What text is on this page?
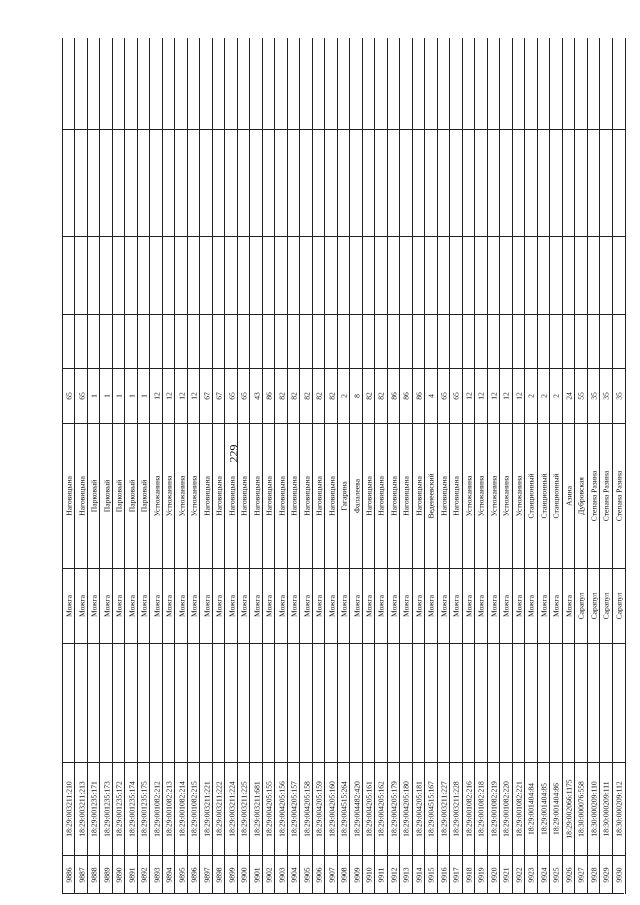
229
9886
18:29:003211:210
Можга
Наговицына
65
9887
18:29:003211:213
Можга
Наговицына
65
9888
18:29:001235:171
Можга
Парковый
1
9889
18:29:001235:173
Можга
Парковый
1
9890
18:29:001235:172
Можга
Парковый
1
9891
18:29:001235:174
Можга
Парковый
1
9892
18:29:001235:175
Можга
Парковый
1
9893
18:29:001082:212
Можга
Устюжанина
12
9894
18:29:001082:213
Можга
Устюжанина
12
9895
18:29:001082:214
Можга
Устюжанина
12
9896
18:29:001082:215
Можга
Устюжанина
12
9897
18:29:003211:221
Можга
Наговицына
67
9898
18:29:003211:222
Можга
Наговицына
67
9899
18:29:003211:224
Можга
Наговицына
65
9900
18:29:003211:225
Можга
Наговицына
65
9901
18:29:003211:681
Можга
Наговицына
43
9902
18:29:004205:155
Можга
Наговицына
86
9903
18:29:004205:156
Можга
Наговицына
82
9904
18:29:004205:157
Можга
Наговицына
82
9905
18:29:004205:158
Можга
Наговицына
82
9906
18:29:004205:159
Можга
Наговицына
82
9907
18:29:004205:160
Можга
Наговицына
82
9908
18:29:004515:264
Можга
Гагарина
2
9909
18:29:004482:420
Можга
Фалалеева
8
9910
18:29:004205:161
Можга
Наговицына
82
9911
18:29:004205:162
Можга
Наговицына
82
9912
18:29:004205:179
Можга
Наговицына
86
9913
18:29:004205:180
Можга
Наговицына
86
9914
18:29:004205:181
Можга
Наговицына
86
9915
18:29:004515:167
Можга
Веденеевский
4
9916
18:29:003211:227
Можга
Наговицына
65
9917
18:29:003211:228
Можга
Наговицына
65
9918
18:29:001082:216
Можга
Устюжанина
12
9919
18:29:001082:218
Можга
Устюжанина
12
9920
18:29:001082:219
Можга
Устюжанина
12
9921
18:29:001082:220
Можга
Устюжанина
12
9922
18:29:001082:221
Можга
Устюжанина
12
9923
18:29:001404:84
Можга
Станционный
2
9924
18:29:001404:85
Можга
Станционный
2
9925
18:29:001404:86
Можга
Станционный
2
9926
18:29:002066:1175
Можга
Азина
24
9927
18:30:000076:558
Сарапул
Дубровская
55
9928
18:30:000209:110
Сарапул
Степана Разина
35
9929
18:30:000209:111
Сарапул
Степана Разина
35
9930
18:30:000209:112
Сарапул
Степана Разина
35
